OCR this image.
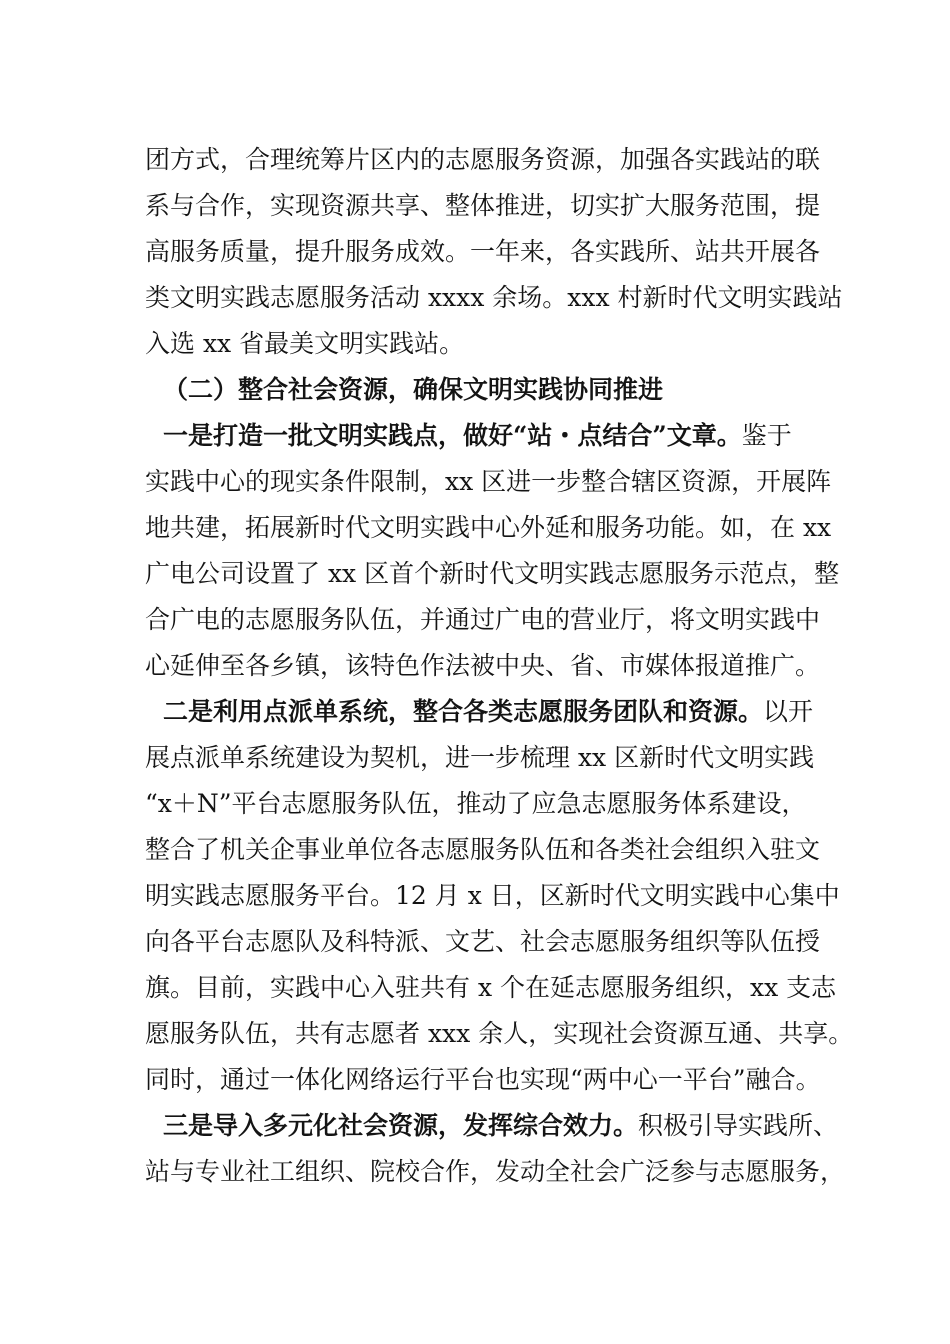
团方式，合理统筹片区内的志愿服务资源，加强各实践站的联
系与合作，实现资源共享、整体推进，切实扩大服务范围，提
高服务质量，提升服务成效。一年来，各实践所、站共开展各
类文明实践志愿服务活动 xxxx 余场。xxx 村新时代文明实践站
入选 xx 省最美文明实践站。
（二）整合社会资源，确保文明实践协同推进
一是打造一批文明实践点，做好“站・点结合”文章。鉴于
实践中心的现实条件限制，xx 区进一步整合辖区资源，开展阵
地共建，拓展新时代文明实践中心外延和服务功能。如，在 xx
广电公司设置了 xx 区首个新时代文明实践志愿服务示范点，整
合广电的志愿服务队伍，并通过广电的营业厅，将文明实践中
心延伸至各乡镇，该特色作法被中央、省、市媒体报道推广。
二是利用点派单系统，整合各类志愿服务团队和资源。以开
展点派单系统建设为契机，进一步梳理 xx 区新时代文明实践
“x＋N”平台志愿服务队伍，推动了应急志愿服务体系建设，
整合了机关企事业单位各志愿服务队伍和各类社会组织入驻文
明实践志愿服务平台。12 月 x 日，区新时代文明实践中心集中
向各平台志愿队及科特派、文艺、社会志愿服务组织等队伍授
旗。目前，实践中心入驻共有 x 个在延志愿服务组织，xx 支志
愿服务队伍，共有志愿者 xxx 余人，实现社会资源互通、共享。
同时，通过一体化网络运行平台也实现“两中心一平台”融合。
三是导入多元化社会资源，发挥综合效力。积极引导实践所、
站与专业社工组织、院校合作，发动全社会广泛参与志愿服务，
